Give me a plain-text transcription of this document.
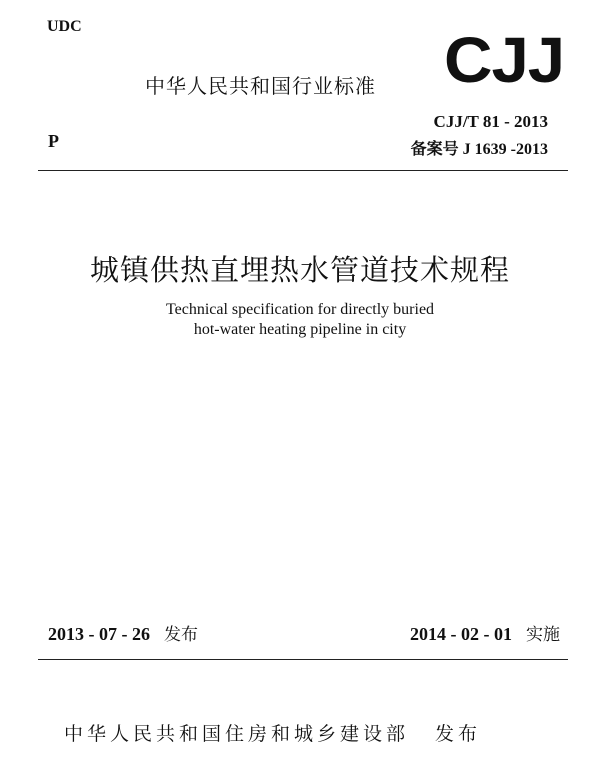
UDC
中华人民共和国行业标准 CJJ
P
CJJ/T 81 - 2013
备案号 J 1639 -2013
城镇供热直埋热水管道技术规程
Technical specification for directly buried
hot-water heating pipeline in city
2013 - 07 - 26 发布	2014 - 02 - 01 实施
中华人民共和国住房和城乡建设部 发布
